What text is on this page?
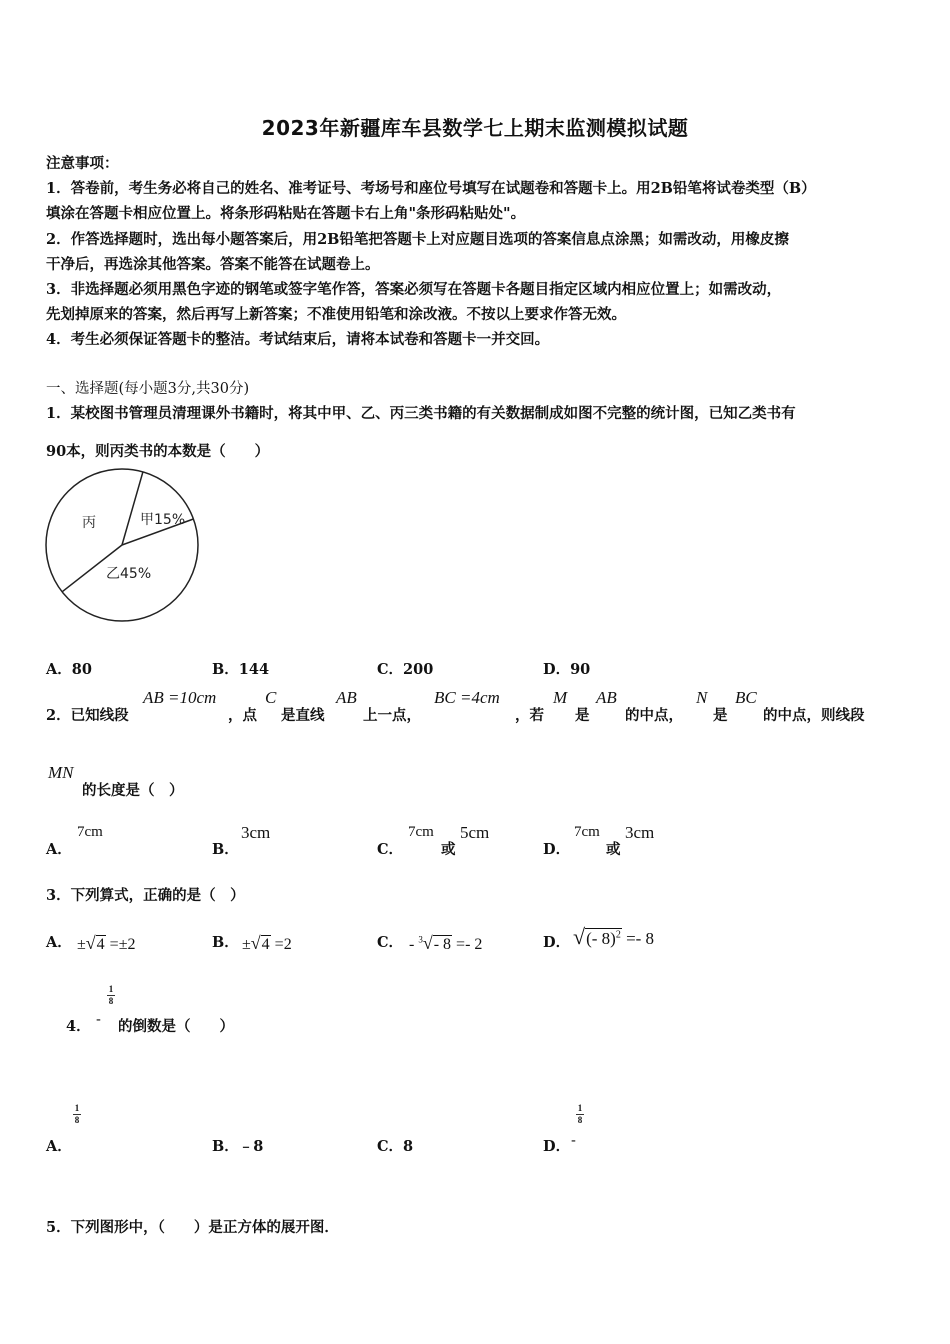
2023年新疆库车县数学七上期末监测模拟试题
注意事项：
1．答卷前，考生务必将自己的姓名、准考证号、考场号和座位号填写在试题卷和答题卡上。用2B铅笔将试卷类型（B）
填涂在答题卡相应位置上。将条形码粘贴在答题卡右上角"条形码粘贴处"。
2．作答选择题时，选出每小题答案后，用2B铅笔把答题卡上对应题目选项的答案信息点涂黑；如需改动，用橡皮擦
干净后，再选涂其他答案。答案不能答在试题卷上。
3．非选择题必须用黑色字迹的钢笔或签字笔作答，答案必须写在答题卡各题目指定区域内相应位置上；如需改动，
先划掉原来的答案，然后再写上新答案；不准使用铅笔和涂改液。不按以上要求作答无效。
4．考生必须保证答题卡的整洁。考试结束后，请将本试卷和答题卡一并交回。
一、选择题(每小题3分,共30分)
1．某校图书管理员清理课外书籍时，将其中甲、乙、丙三类书籍的有关数据制成如图不完整的统计图，已知乙类书有
90本，则丙类书的本数是（　　）
甲15%
乙45%
丙
A．80	B．144	C．200	D．90
2．已知线段
AB =10cm
，点
C
是直线
AB
上一点，
BC =4cm
，若
M
是
AB
的中点，
N
是
BC
的中点，则线段
MN
的长度是（　）
A．
7cm
B．
3cm
C．
7cm
或
5cm
D．
7cm
或
3cm
3．下列算式，正确的是（　）
A． ±√4 =±2	B． ±√4 =2	C． - $^3$√- 8 =- 2	D． √(- 8)$^2$ =- 8
4． -
1
8
的倒数是（　　）
A．
1
8
B．﹣8	C．8	D． -
1
8
5．下列图形中，（　　）是正方体的展开图．
